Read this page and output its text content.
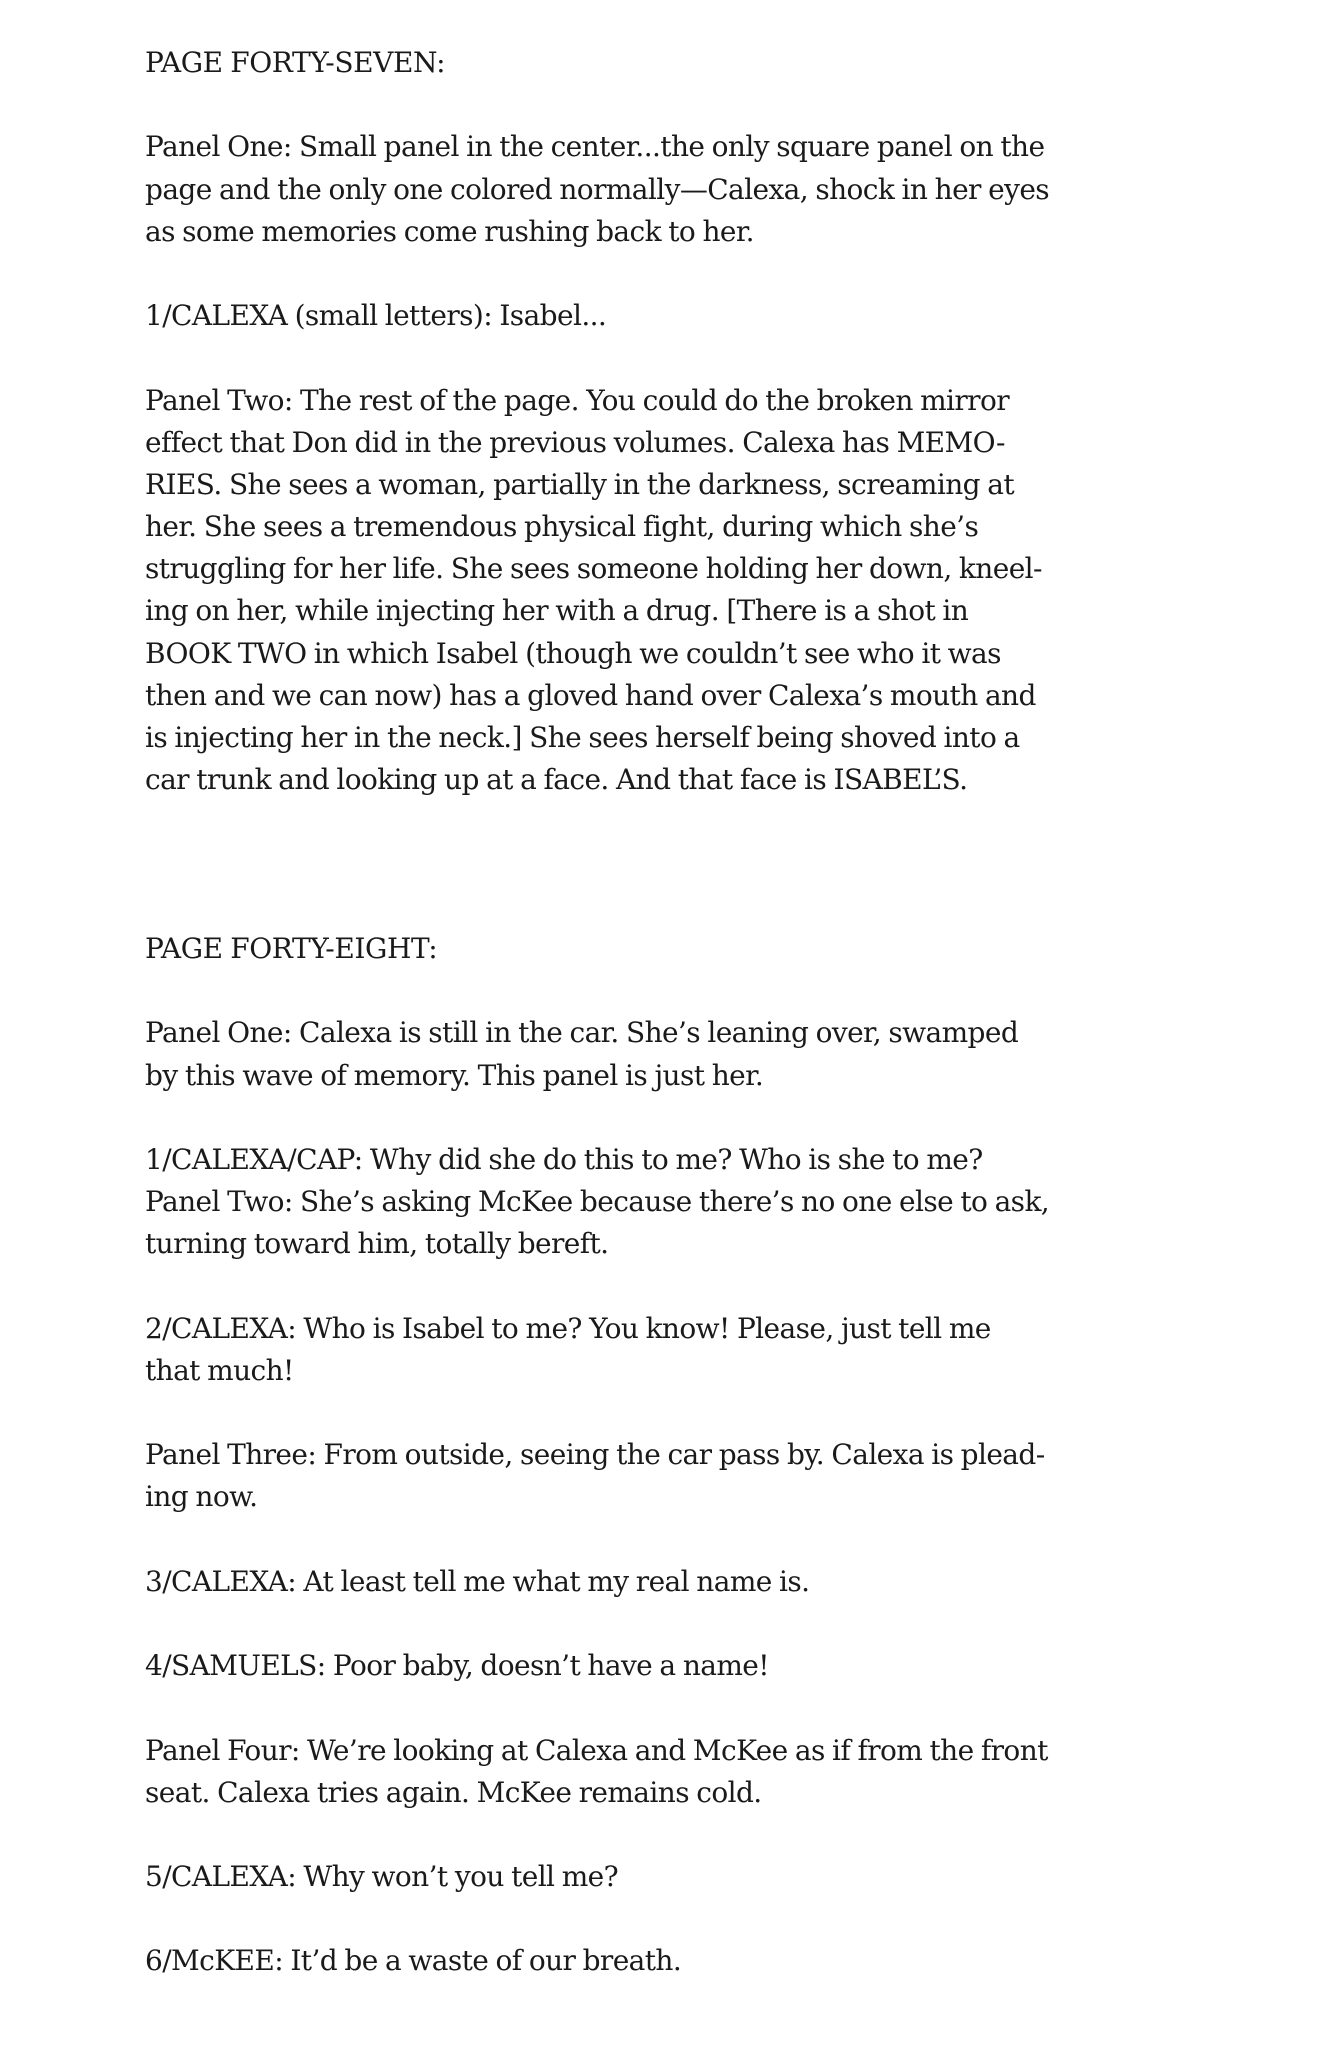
PAGE FORTY-SEVEN:
Panel One: Small panel in the center...the only square panel on the
page and the only one colored normally—Calexa, shock in her eyes
as some memories come rushing back to her.
1/CALEXA (small letters): Isabel...
Panel Two: The rest of the page. You could do the broken mirror
effect that Don did in the previous volumes. Calexa has MEMO-
RIES. She sees a woman, partially in the darkness, screaming at
her. She sees a tremendous physical fight, during which she’s
struggling for her life. She sees someone holding her down, kneel-
ing on her, while injecting her with a drug. [There is a shot in
BOOK TWO in which Isabel (though we couldn’t see who it was
then and we can now) has a gloved hand over Calexa’s mouth and
is injecting her in the neck.] She sees herself being shoved into a
car trunk and looking up at a face. And that face is ISABEL’S.
PAGE FORTY-EIGHT:
Panel One: Calexa is still in the car. She’s leaning over, swamped
by this wave of memory. This panel is just her.
1/CALEXA/CAP: Why did she do this to me? Who is she to me?
Panel Two: She’s asking McKee because there’s no one else to ask,
turning toward him, totally bereft.
2/CALEXA: Who is Isabel to me? You know! Please, just tell me
that much!
Panel Three: From outside, seeing the car pass by. Calexa is plead-
ing now.
3/CALEXA: At least tell me what my real name is.
4/SAMUELS: Poor baby, doesn’t have a name!
Panel Four: We’re looking at Calexa and McKee as if from the front
seat. Calexa tries again. McKee remains cold.
5/CALEXA: Why won’t you tell me?
6/McKEE: It’d be a waste of our breath.
